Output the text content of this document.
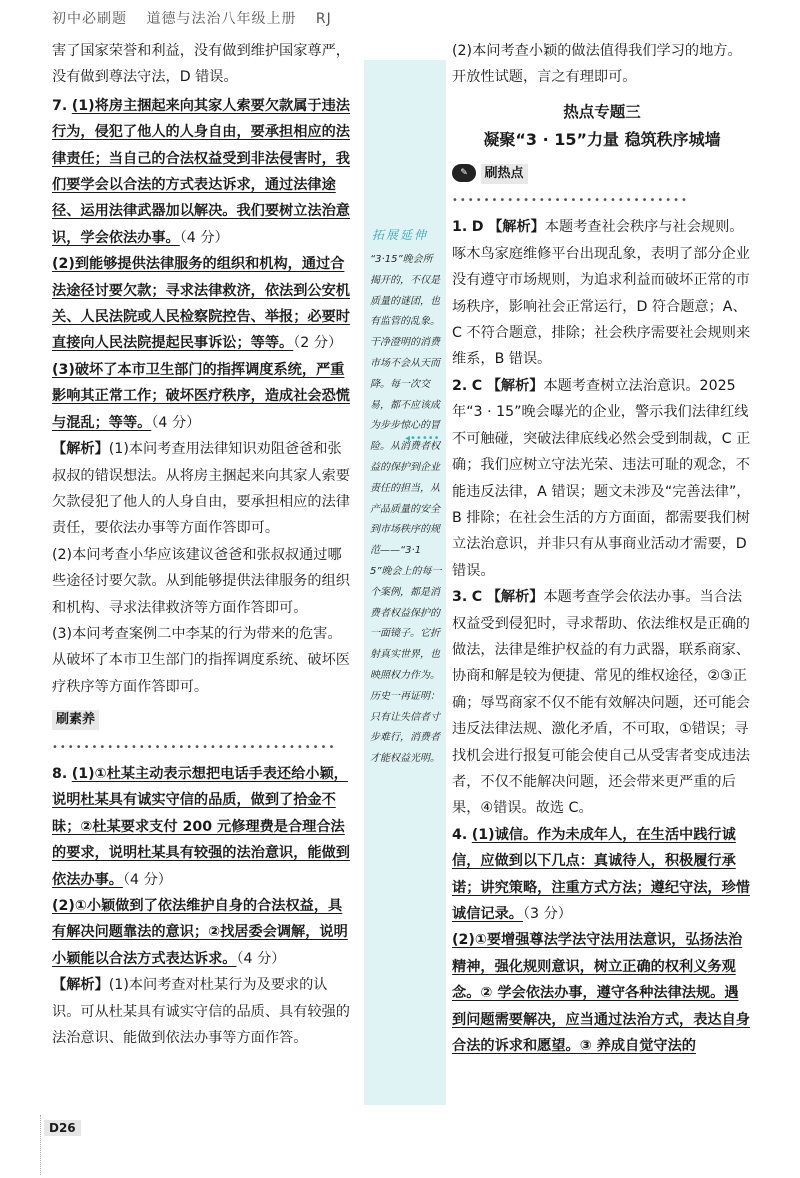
初中必刷题 道德与法治八年级上册 RJ

害了国家荣誉和利益，没有做到维护国家尊严，没有做到尊法守法，D 错误。

7. (1)将房主捆起来向其家人索要欠款属于违法行为，侵犯了他人的人身自由，要承担相应的法律责任；当自己的合法权益受到非法侵害时，我们要学会以合法的方式表达诉求，通过法律途径、运用法律武器加以解决。我们要树立法治意识，学会依法办事。（4 分）

(2)到能够提供法律服务的组织和机构，通过合法途径讨要欠款；寻求法律救济，依法到公安机关、人民法院或人民检察院控告、举报；必要时直接向人民法院提起民事诉讼；等等。（2 分）

(3)破坏了本市卫生部门的指挥调度系统，严重影响其正常工作；破坏医疗秩序，造成社会恐慌与混乱；等等。（4 分）

【解析】(1)本问考查用法律知识劝阻爸爸和张叔叔的错误想法。从将房主捆起来向其家人索要欠款侵犯了他人的人身自由，要承担相应的法律责任，要依法办事等方面作答即可。

(2)本问考查小华应该建议爸爸和张叔叔通过哪些途径讨要欠款。从到能够提供法律服务的组织和机构、寻求法律救济等方面作答即可。

(3)本问考查案例二中李某的行为带来的危害。从破坏了本市卫生部门的指挥调度系统、破坏医疗秩序等方面作答即可。

刷素养••••••••••••••••••••••••••••••••••••

8. (1)①杜某主动表示想把电话手表还给小颖，说明杜某具有诚实守信的品质，做到了拾金不昧；②杜某要求支付 200 元修理费是合理合法的要求，说明杜某具有较强的法治意识，能做到依法办事。（4 分）

(2)①小颖做到了依法维护自身的合法权益，具有解决问题靠法的意识；②找居委会调解，说明小颖能以合法方式表达诉求。（4 分）

【解析】(1)本问考查对杜某行为及要求的认识。可从杜某具有诚实守信的品质、具有较强的法治意识、能做到依法办事等方面作答。

拓展延伸
“3·15”晚会所揭开的，不仅是质量的谜团，也有监管的乱象。干净澄明的消费市场不会从天而降。每一次交易，都不应该成为步步惊心的冒险。从消费者权益的保护到企业责任的担当，从产品质量的安全到市场秩序的规范——“3·15”晚会上的每一个案例，都是消费者权益保护的一面镜子。它折射真实世界，也映照权力作为。历史一再证明：只有让失信者寸步难行，消费者才能权益光明。
◂•••••

(2)本问考查小颖的做法值得我们学习的地方。开放性试题，言之有理即可。

热点专题三

凝聚“3 · 15”力量 稳筑秩序城墙

✎ 刷热点••••••••••••••••••••••••••••••

1. D 【解析】本题考查社会秩序与社会规则。啄木鸟家庭维修平台出现乱象，表明了部分企业没有遵守市场规则，为追求利益而破坏正常的市场秩序，影响社会正常运行，D 符合题意；A、C 不符合题意，排除；社会秩序需要社会规则来维系，B 错误。

2. C 【解析】本题考查树立法治意识。2025 年“3 · 15”晚会曝光的企业，警示我们法律红线不可触碰，突破法律底线必然会受到制裁，C 正确；我们应树立守法光荣、违法可耻的观念，不能违反法律，A 错误；题文未涉及“完善法律”，B 排除；在社会生活的方方面面，都需要我们树立法治意识，并非只有从事商业活动才需要，D 错误。

3. C 【解析】本题考查学会依法办事。当合法权益受到侵犯时，寻求帮助、依法维权是正确的做法，法律是维护权益的有力武器，联系商家、协商和解是较为便捷、常见的维权途径，②③正确；辱骂商家不仅不能有效解决问题，还可能会违反法律法规、激化矛盾，不可取，①错误；寻找机会进行报复可能会使自己从受害者变成违法者，不仅不能解决问题，还会带来更严重的后果，④错误。故选 C。

4. (1)诚信。作为未成年人，在生活中践行诚信，应做到以下几点：真诚待人，积极履行承诺；讲究策略，注重方式方法；遵纪守法，珍惜诚信记录。（3 分）

(2)①要增强尊法学法守法用法意识，弘扬法治精神，强化规则意识，树立正确的权利义务观念。② 学会依法办事，遵守各种法律法规。遇到问题需要解决，应当通过法治方式，表达自身合法的诉求和愿望。③ 养成自觉守法的

D26
